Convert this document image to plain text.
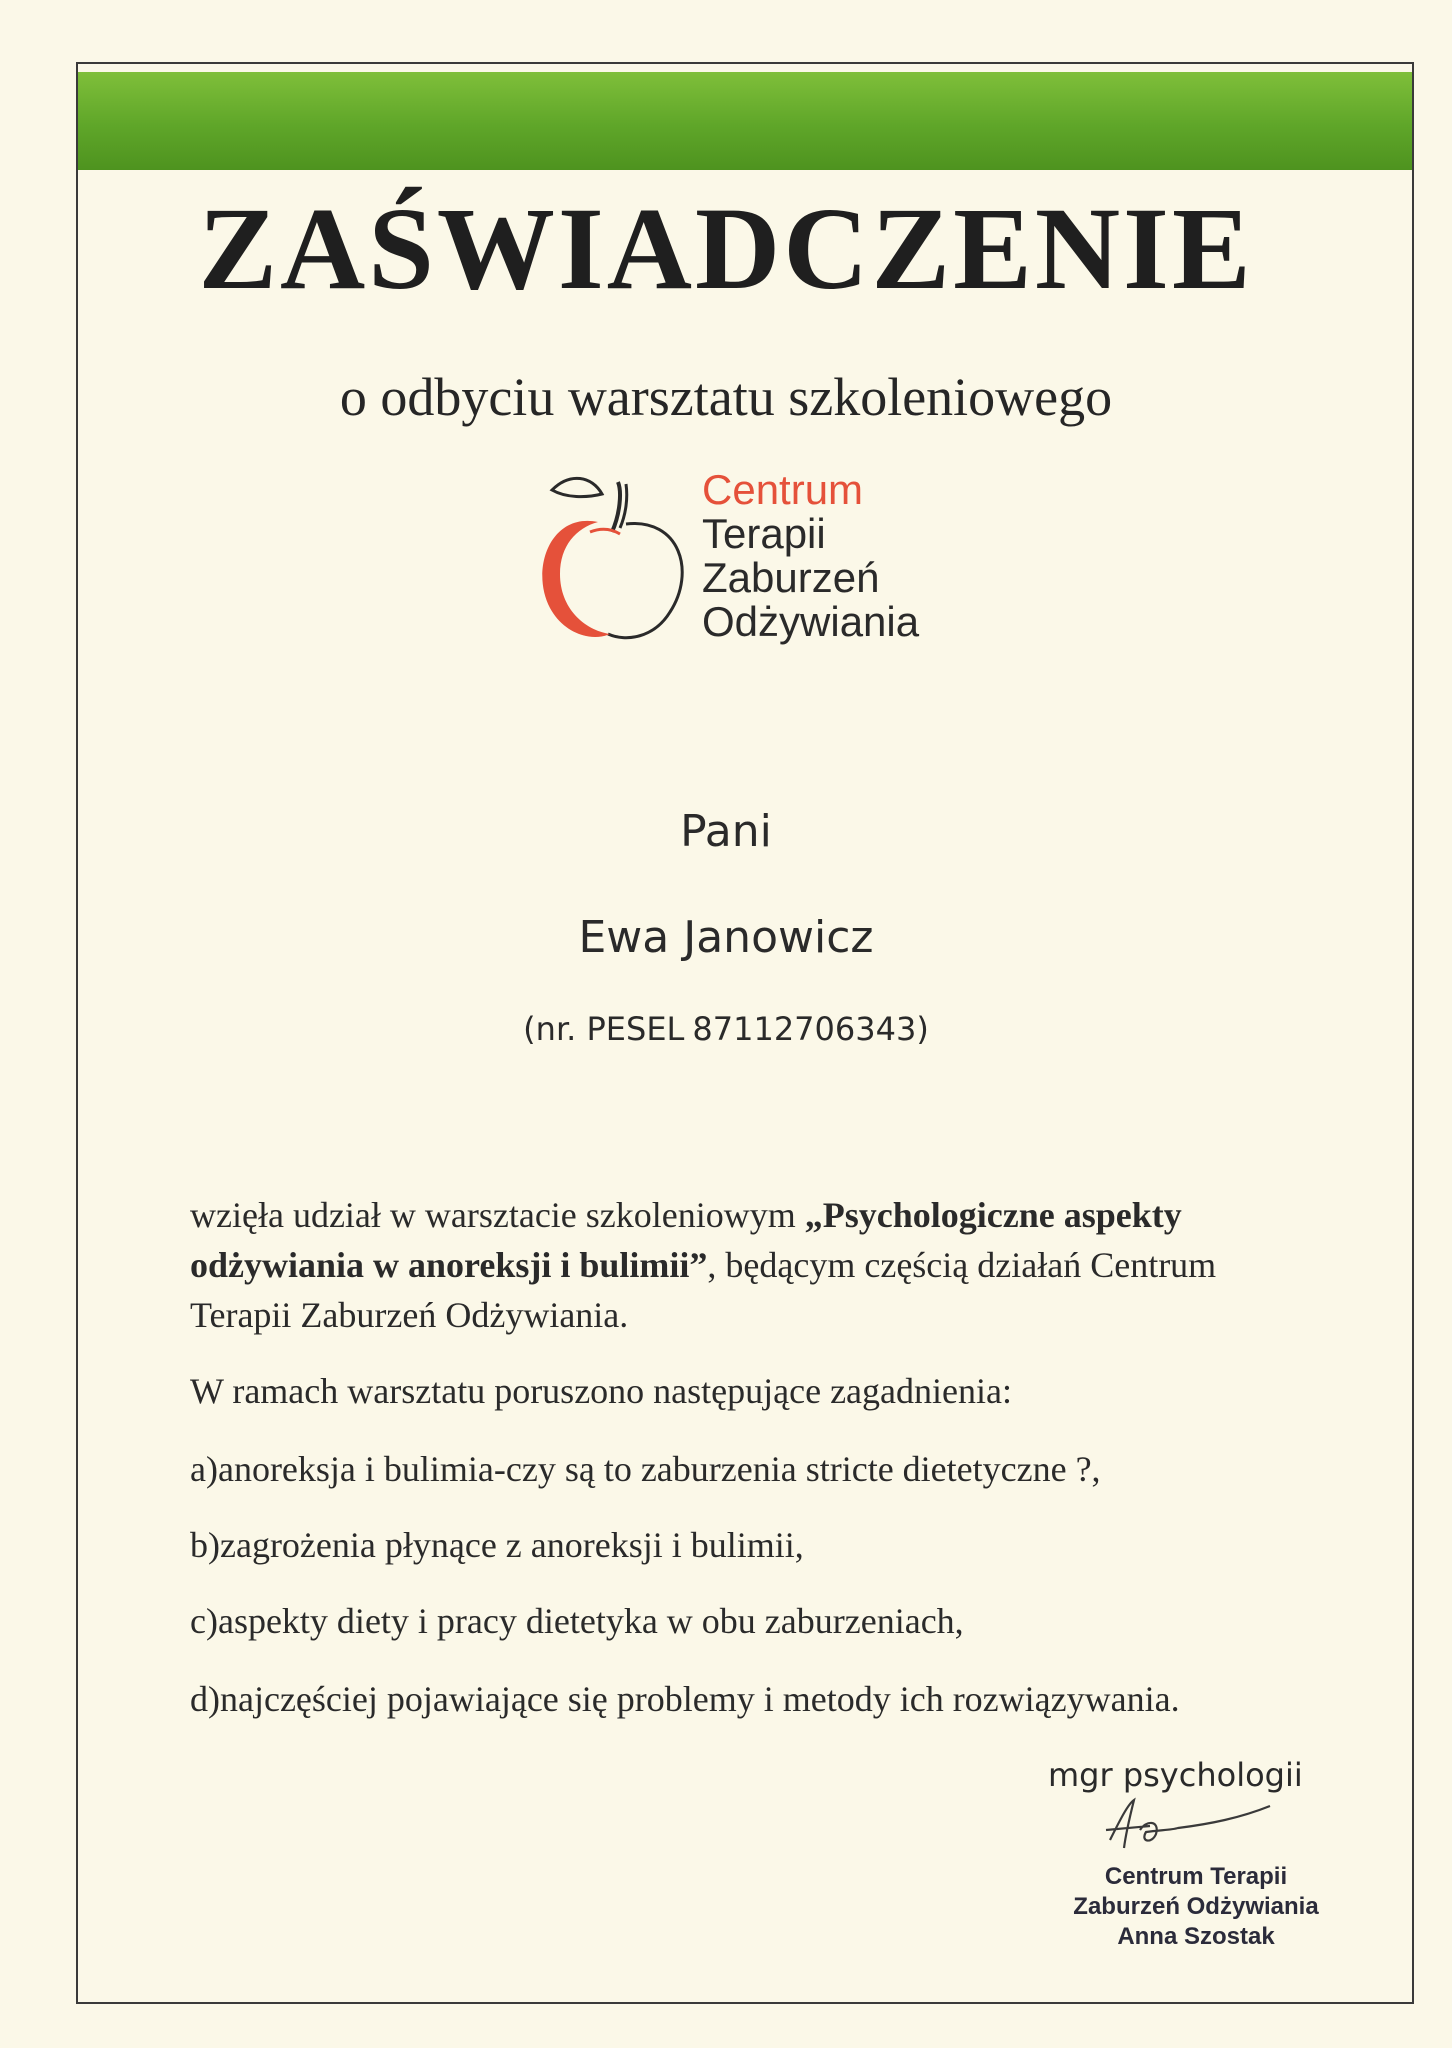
ZAŚWIADCZENIE
o odbyciu warsztatu szkoleniowego
Centrum
Terapii
Zaburzeń
Odżywiania
Pani
Ewa Janowicz
(nr. PESEL 87112706343)

wzięła udział w warsztacie szkoleniowym „Psychologiczne aspekty odżywiania w anoreksji i bulimii”, będącym częścią działań Centrum Terapii Zaburzeń Odżywiania.

W ramach warsztatu poruszono następujące zagadnienia:
a)anoreksja i bulimia-czy są to zaburzenia stricte dietetyczne ?,
b)zagrożenia płynące z anoreksji i bulimii,
c)aspekty diety i pracy dietetyka w obu zaburzeniach,
d)najczęściej pojawiające się problemy i metody ich rozwiązywania.
mgr psychologii
Centrum Terapii
Zaburzeń Odżywiania
Anna Szostak
